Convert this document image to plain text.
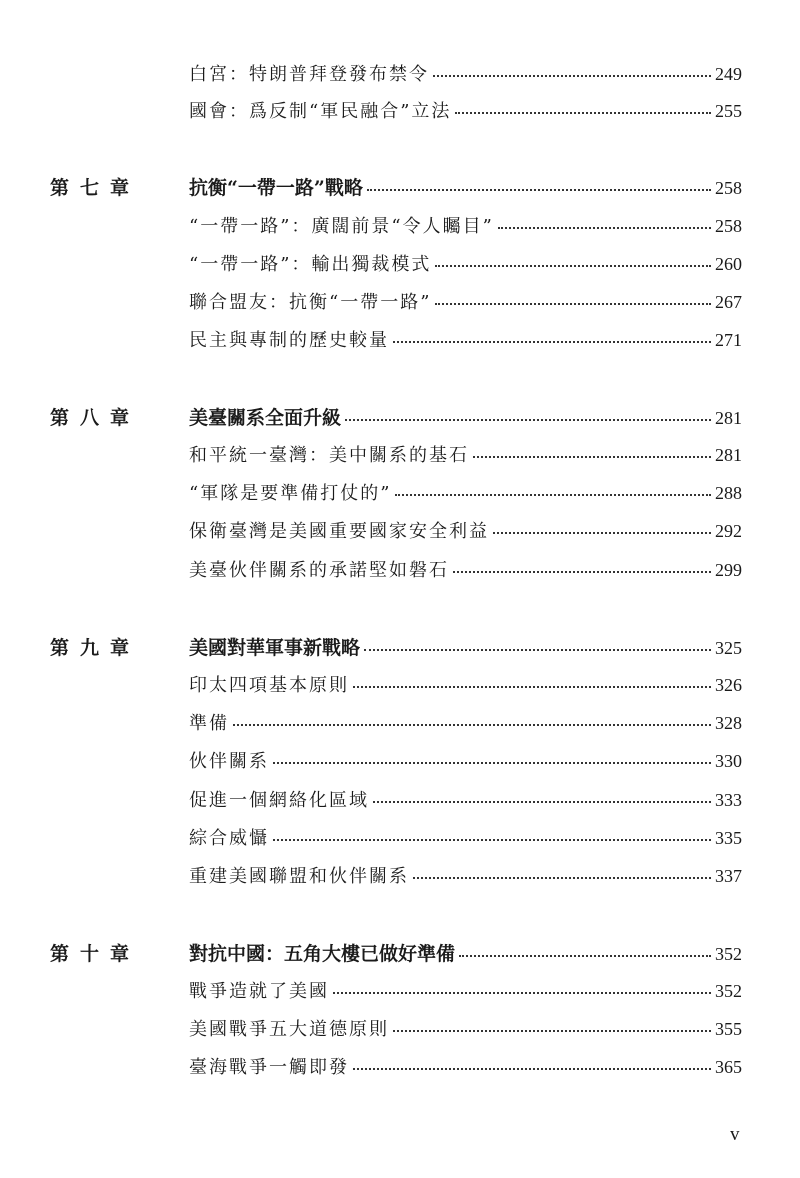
白宮：特朗普拜登發布禁令	249
國會：爲反制“軍民融合”立法	255
第 七 章	抗衡“一帶一路”戰略	258
“一帶一路”：廣闊前景“令人矚目”	258
“一帶一路”：輸出獨裁模式	260
聯合盟友：抗衡“一帶一路”	267
民主與專制的歷史較量	271
第 八 章	美臺關系全面升級	281
和平統一臺灣：美中關系的基石	281
“軍隊是要準備打仗的”	288
保衛臺灣是美國重要國家安全利益	292
美臺伙伴關系的承諾堅如磐石	299
第 九 章	美國對華軍事新戰略	325
印太四項基本原則	326
準備	328
伙伴關系	330
促進一個網絡化區域	333
綜合威懾	335
重建美國聯盟和伙伴關系	337
第 十 章	對抗中國：五角大樓已做好準備	352
戰爭造就了美國	352
美國戰爭五大道德原則	355
臺海戰爭一觸即發	365
v
